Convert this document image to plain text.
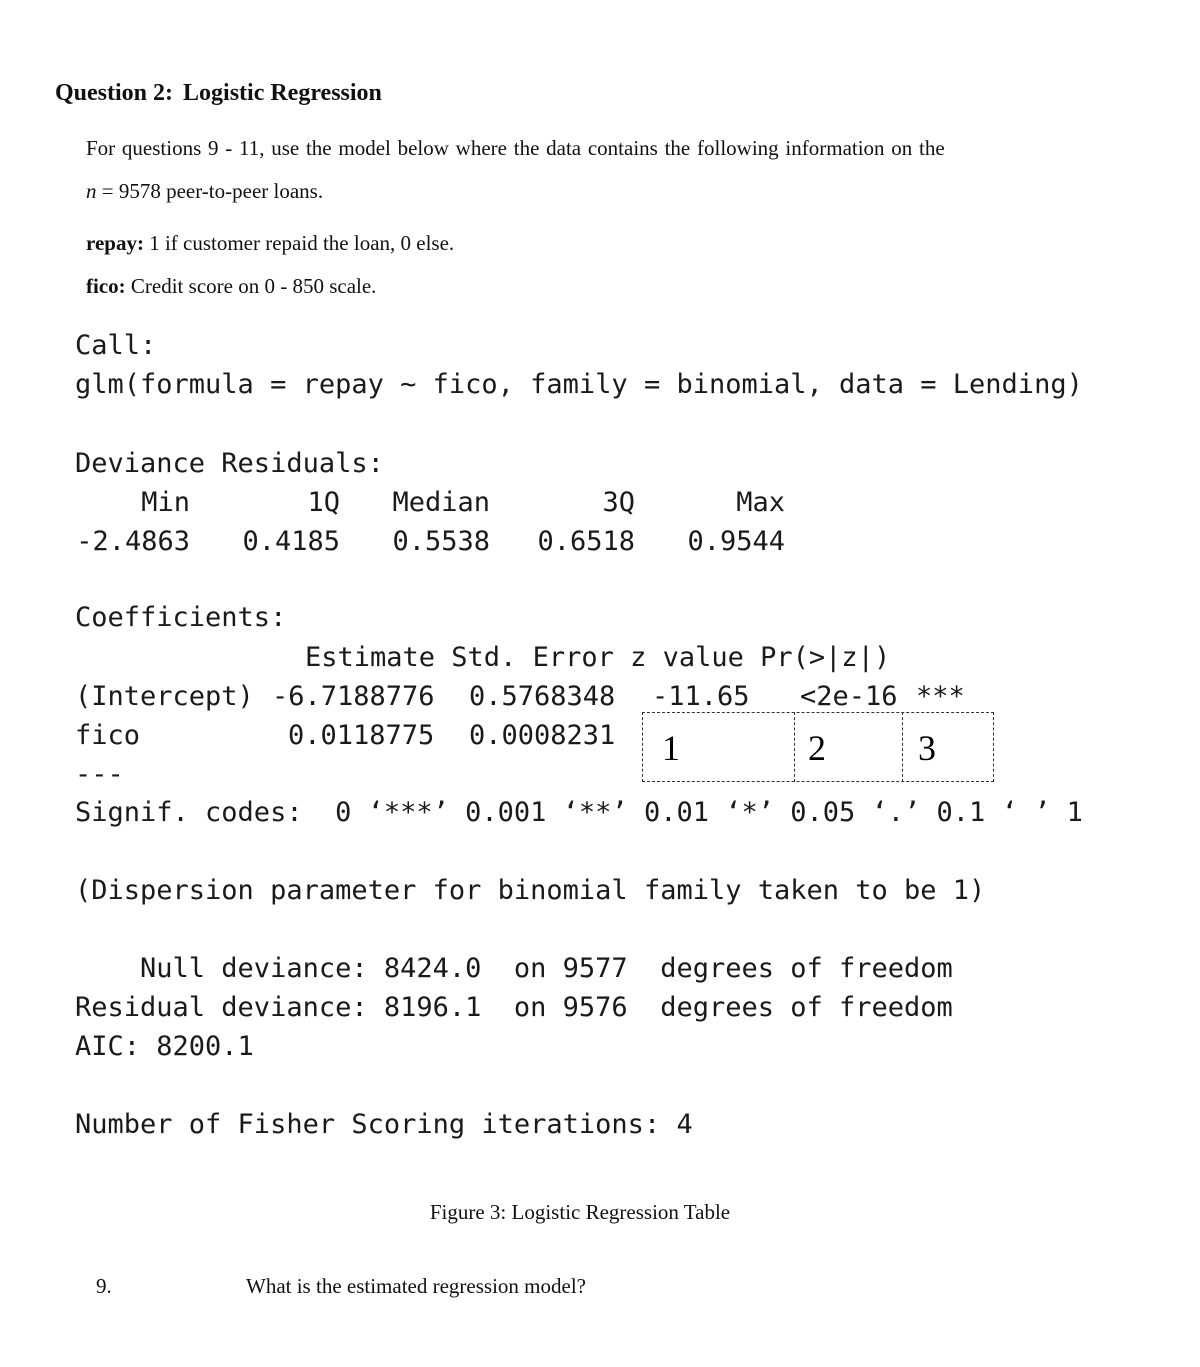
Question 2: Logistic Regression
For questions 9 - 11, use the model below where the data contains the following information on the
n = 9578 peer-to-peer loans.
repay: 1 if customer repaid the loan, 0 else.
fico: Credit score on 0 - 850 scale.
Call:
glm(formula = repay ~ fico, family = binomial, data = Lending)
Deviance Residuals:
Min	1Q	Median	3Q	Max
-2.4863	0.4185	0.5538	0.6518	0.9544
Coefficients:
Estimate Std. Error z value Pr(>|z|)
(Intercept) -6.7188776 0.5768348 -11.65 <2e-16 ***
fico	0.0118775 0.0008231 1	2	3
---
Signif. codes:  0 ‘***’ 0.001 ‘**’ 0.01 ‘*’ 0.05 ‘.’ 0.1 ‘ ’ 1
(Dispersion parameter for binomial family taken to be 1)
Null deviance: 8424.0  on 9577  degrees of freedom
Residual deviance: 8196.1  on 9576  degrees of freedom
AIC: 8200.1
Number of Fisher Scoring iterations: 4
Figure 3: Logistic Regression Table
9.	What is the estimated regression model?
